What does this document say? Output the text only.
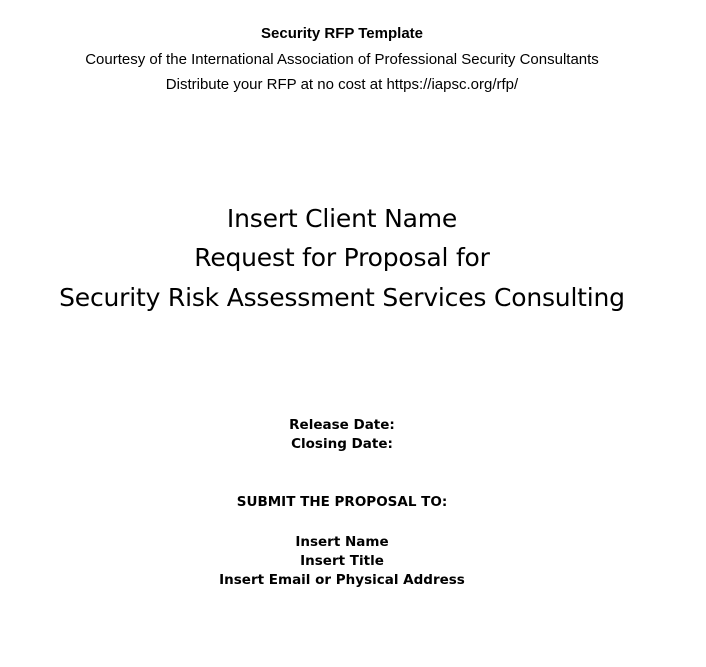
Security RFP Template
Courtesy of the International Association of Professional Security Consultants
Distribute your RFP at no cost at https://iapsc.org/rfp/
Insert Client Name
Request for Proposal for
Security Risk Assessment Services Consulting
Release Date:
Closing Date:
SUBMIT THE PROPOSAL TO:
Insert Name
Insert Title
Insert Email or Physical Address
